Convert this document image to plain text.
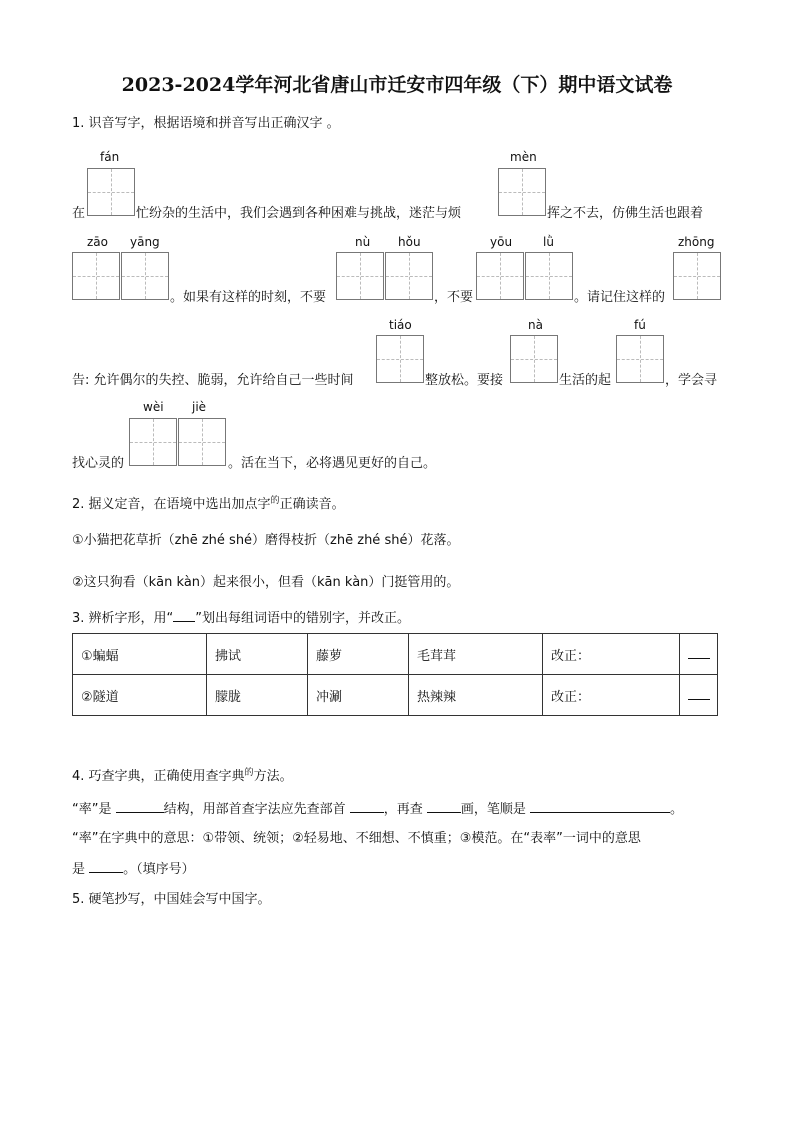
2023-2024学年河北省唐山市迁安市四年级（下）期中语文试卷
1. 识音写字，根据语境和拼音写出正确汉字 。
fán	mèn
在	忙纷杂的生活中，我们会遇到各种困难与挑战，迷茫与烦	挥之不去，仿佛生活也跟着
zāo yāng	nù hǒu	yōu	lǜ	zhōng
。如果有这样的时刻，不要	，不要	。请记住这样的
tiáo	nà	fú
告: 允许偶尔的失控、脆弱，允许给自己一些时间	整放松。要接	生活的起	，学会寻
wèi jiè
找心灵的	。活在当下，必将遇见更好的自己。
2. 据义定音，在语境中选出加点字$^的$正确读音。
①小猫把花草折（zhē zhé shé）磨得枝折（zhē zhé shé）花落。
②这只狗看（kān kàn）起来很小，但看（kān kàn）门挺管用的。
3. 辨析字形，用“ ”划出每组词语中的错别字，并改正。
①蝙蝠	拂试	藤萝	毛茸茸	改正：	
②隧道	朦胧	冲涮	热辣辣	改正：	
4. 巧查字典，正确使用查字典$^的$方法。
“率”是	结构，用部首查字法应先查部首	，再查	画，笔顺是	。
“率”在字典中的意思：①带领、统领；②轻易地、不细想、不慎重；③模范。在“表率”一词中的意思
是	。（填序号）
5. 硬笔抄写，中国娃会写中国字。
